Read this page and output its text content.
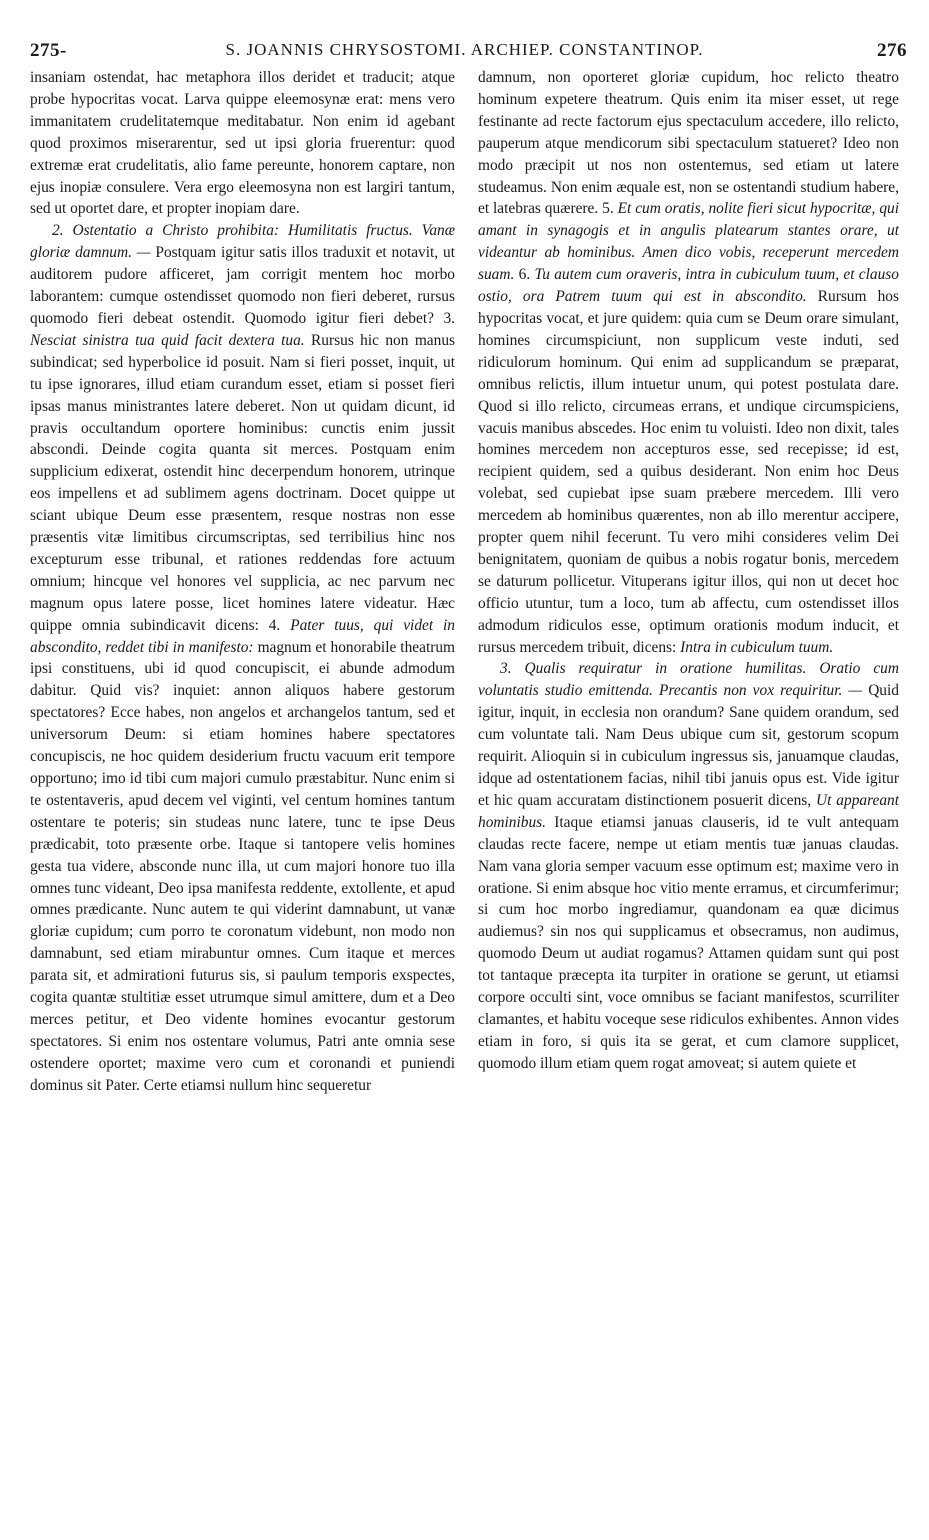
275-	S. JOANNIS CHRYSOSTOMI. ARCHIEP. CONSTANTINOP.	276

insaniam ostendat, hac metaphora illos deridet et traducit; atque probe hypocritas vocat. Larva quippe eleemosynæ erat: mens vero immanitatem crudelitatemque meditabatur. Non enim id agebant quod proximos miserarentur, sed ut ipsi gloria fruerentur: quod extremæ erat crudelitatis, alio fame pereunte, honorem captare, non ejus inopiæ consulere. Vera ergo eleemosyna non est largiri tantum, sed ut oportet dare, et propter inopiam dare.

2. Ostentatio a Christo prohibita: Humilitatis fructus. Vanæ gloriæ damnum. — Postquam igitur satis illos traduxit et notavit, ut auditorem pudore afficeret, jam corrigit mentem hoc morbo laborantem: cumque ostendisset quomodo non fieri deberet, rursus quomodo fieri debeat ostendit. Quomodo igitur fieri debet? 3. Nesciat sinistra tua quid facit dextera tua. Rursus hic non manus subindicat; sed hyperbolice id posuit. Nam si fieri posset, inquit, ut tu ipse ignorares, illud etiam curandum esset, etiam si posset fieri ipsas manus ministrantes latere deberet. Non ut quidam dicunt, id pravis occultandum oportere hominibus: cunctis enim jussit abscondi. Deinde cogita quanta sit merces. Postquam enim supplicium edixerat, ostendit hinc decerpendum honorem, utrinque eos impellens et ad sublimem agens doctrinam. Docet quippe ut sciant ubique Deum esse præsentem, resque nostras non esse præsentis vitæ limitibus circumscriptas, sed terribilius hinc nos excepturum esse tribunal, et rationes reddendas fore actuum omnium; hincque vel honores vel supplicia, ac nec parvum nec magnum opus latere posse, licet homines latere videatur. Hæc quippe omnia subindicavit dicens: 4. Pater tuus, qui videt in abscondito, reddet tibi in manifesto: magnum et honorabile theatrum ipsi constituens, ubi id quod concupiscit, ei abunde admodum dabitur. Quid vis? inquiet: annon aliquos habere gestorum spectatores? Ecce habes, non angelos et archangelos tantum, sed et universorum Deum: si etiam homines habere spectatores concupiscis, ne hoc quidem desiderium fructu vacuum erit tempore opportuno; imo id tibi cum majori cumulo præstabitur. Nunc enim si te ostentaveris, apud decem vel viginti, vel centum homines tantum ostentare te poteris; sin studeas nunc latere, tunc te ipse Deus prædicabit, toto præsente orbe. Itaque si tantopere velis homines gesta tua videre, absconde nunc illa, ut cum majori honore tuo illa omnes tunc videant, Deo ipsa manifesta reddente, extollente, et apud omnes prædicante. Nunc autem te qui viderint damnabunt, ut vanæ gloriæ cupidum; cum porro te coronatum videbunt, non modo non damnabunt, sed etiam mirabuntur omnes. Cum itaque et merces parata sit, et admirationi futurus sis, si paulum temporis exspectes, cogita quantæ stultitiæ esset utrumque simul amittere, dum et a Deo merces petitur, et Deo vidente homines evocantur gestorum spectatores. Si enim nos ostentare volumus, Patri ante omnia sese ostendere oportet; maxime vero cum et coronandi et puniendi dominus sit Pater. Certe etiamsi nullum hinc sequeretur

damnum, non oporteret gloriæ cupidum, hoc relicto theatro hominum expetere theatrum. Quis enim ita miser esset, ut rege festinante ad recte factorum ejus spectaculum accedere, illo relicto, pauperum atque mendicorum sibi spectaculum statueret? Ideo non modo præcipit ut nos non ostentemus, sed etiam ut latere studeamus. Non enim æquale est, non se ostentandi studium habere, et latebras quærere. 5. Et cum oratis, nolite fieri sicut hypocritæ, qui amant in synagogis et in angulis platearum stantes orare, ut videantur ab hominibus. Amen dico vobis, receperunt mercedem suam. 6. Tu autem cum oraveris, intra in cubiculum tuum, et clauso ostio, ora Patrem tuum qui est in abscondito. Rursum hos hypocritas vocat, et jure quidem: quia cum se Deum orare simulant, homines circumspiciunt, non supplicum veste induti, sed ridiculorum hominum. Qui enim ad supplicandum se præparat, omnibus relictis, illum intuetur unum, qui potest postulata dare. Quod si illo relicto, circumeas errans, et undique circumspiciens, vacuis manibus abscedes. Hoc enim tu voluisti. Ideo non dixit, tales homines mercedem non accepturos esse, sed recepisse; id est, recipient quidem, sed a quibus desiderant. Non enim hoc Deus volebat, sed cupiebat ipse suam præbere mercedem. Illi vero mercedem ab hominibus quærentes, non ab illo merentur accipere, propter quem nihil fecerunt. Tu vero mihi consideres velim Dei benignitatem, quoniam de quibus a nobis rogatur bonis, mercedem se daturum pollicetur. Vituperans igitur illos, qui non ut decet hoc officio utuntur, tum a loco, tum ab affectu, cum ostendisset illos admodum ridiculos esse, optimum orationis modum inducit, et rursus mercedem tribuit, dicens: Intra in cubiculum tuum.

3. Qualis requiratur in oratione humilitas. Oratio cum voluntatis studio emittenda. Precantis non vox requiritur. — Quid igitur, inquit, in ecclesia non orandum? Sane quidem orandum, sed cum voluntate tali. Nam Deus ubique cum sit, gestorum scopum requirit. Alioquin si in cubiculum ingressus sis, januamque claudas, idque ad ostentationem facias, nihil tibi januis opus est. Vide igitur et hic quam accuratam distinctionem posuerit dicens, Ut appareant hominibus. Itaque etiamsi januas clauseris, id te vult antequam claudas recte facere, nempe ut etiam mentis tuæ januas claudas. Nam vana gloria semper vacuum esse optimum est; maxime vero in oratione. Si enim absque hoc vitio mente erramus, et circumferimur; si cum hoc morbo ingrediamur, quandonam ea quæ dicimus audiemus? sin nos qui supplicamus et obsecramus, non audimus, quomodo Deum ut audiat rogamus? Attamen quidam sunt qui post tot tantaque præcepta ita turpiter in oratione se gerunt, ut etiamsi corpore occulti sint, voce omnibus se faciant manifestos, scurriliter clamantes, et habitu voceque sese ridiculos exhibentes. Annon vides etiam in foro, si quis ita se gerat, et cum clamore supplicet, quomodo illum etiam quem rogat amoveat; si autem quiete et
